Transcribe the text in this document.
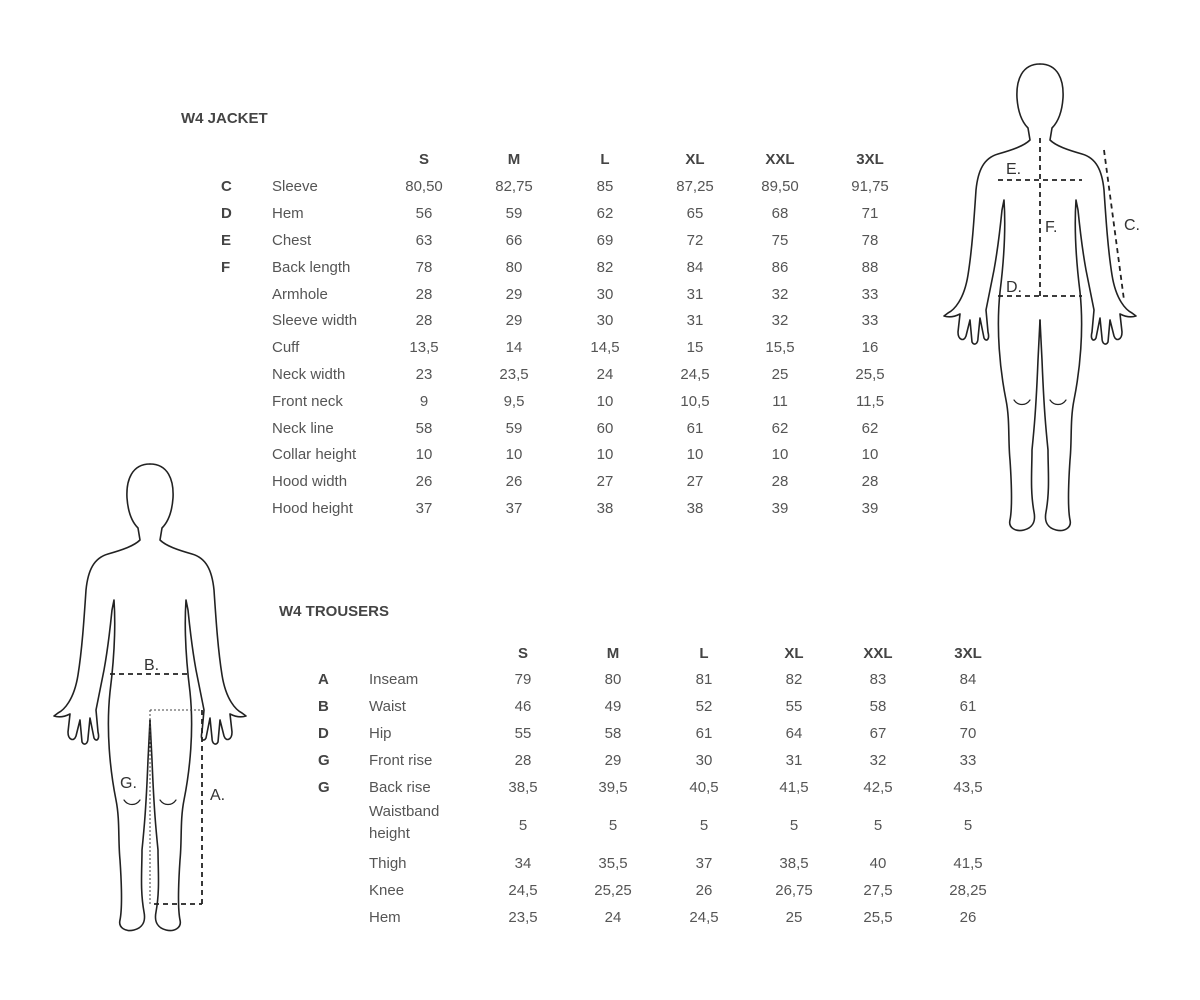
W4 JACKET
S	M	L	XL	XXL	3XL
C	Sleeve	80,50	82,75	85	87,25	89,50	91,75
D	Hem	56	59	62	65	68	71
E	Chest	63	66	69	72	75	78
F	Back length	78	80	82	84	86	88
Armhole	28	29	30	31	32	33
Sleeve width	28	29	30	31	32	33
Cuff	13,5	14	14,5	15	15,5	16
Neck width	23	23,5	24	24,5	25	25,5
Front neck	9	9,5	10	10,5	11	11,5
Neck line	58	59	60	61	62	62
Collar height	10	10	10	10	10	10
Hood width	26	26	27	27	28	28
Hood height	37	37	38	38	39	39
W4 TROUSERS
S	M	L	XL	XXL	3XL
A	Inseam	79	80	81	82	83	84
B	Waist	46	49	52	55	58	61
D	Hip	55	58	61	64	67	70
G	Front rise	28	29	30	31	32	33
G	Back rise	38,5	39,5	40,5	41,5	42,5	43,5
Waistband height	5	5	5	5	5	5
Thigh	34	35,5	37	38,5	40	41,5
Knee	24,5	25,25	26	26,75	27,5	28,25
Hem	23,5	24	24,5	25	25,5	26
E.
F.	C.
D.
B.
G.
A.
